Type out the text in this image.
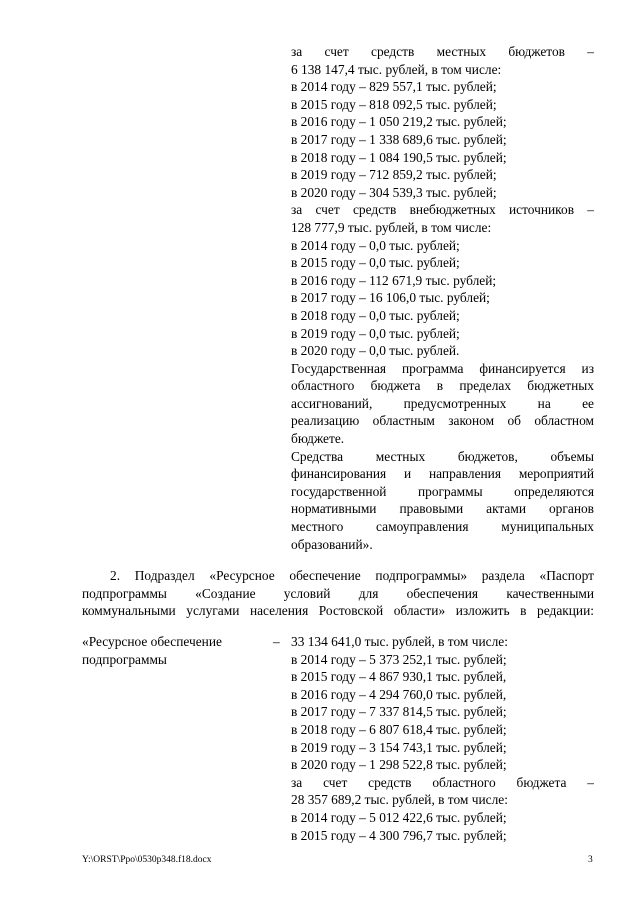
за счет средств местных бюджетов –
6 138 147,4 тыс. рублей, в том числе:
в 2014 году – 829 557,1 тыс. рублей;
в 2015 году – 818 092,5 тыс. рублей;
в 2016 году – 1 050 219,2 тыс. рублей;
в 2017 году – 1 338 689,6 тыс. рублей;
в 2018 году – 1 084 190,5 тыс. рублей;
в 2019 году – 712 859,2 тыс. рублей;
в 2020 году – 304 539,3 тыс. рублей;
за счет средств внебюджетных источников –
128 777,9 тыс. рублей, в том числе:
в 2014 году – 0,0 тыс. рублей;
в 2015 году – 0,0 тыс. рублей;
в 2016 году – 112 671,9 тыс. рублей;
в 2017 году – 16 106,0 тыс. рублей;
в 2018 году – 0,0 тыс. рублей;
в 2019 году – 0,0 тыс. рублей;
в 2020 году – 0,0 тыс. рублей.
Государственная программа финансируется из
областного бюджета в пределах бюджетных
ассигнований, предусмотренных на ее
реализацию областным законом об областном
бюджете.
Средства местных бюджетов, объемы
финансирования и направления мероприятий
государственной программы определяются
нормативными правовыми актами органов
местного самоуправления муниципальных
образований».
2. Подраздел «Ресурсное обеспечение подпрограммы» раздела «Паспорт
подпрограммы «Создание условий для обеспечения качественными
коммунальными услугами населения Ростовской области» изложить в редакции:
«Ресурсное обеспечение
подпрограммы
– 33 134 641,0 тыс. рублей, в том числе:
в 2014 году – 5 373 252,1 тыс. рублей;
в 2015 году – 4 867 930,1 тыс. рублей,
в 2016 году – 4 294 760,0 тыс. рублей,
в 2017 году – 7 337 814,5 тыс. рублей;
в 2018 году – 6 807 618,4 тыс. рублей;
в 2019 году – 3 154 743,1 тыс. рублей;
в 2020 году – 1 298 522,8 тыс. рублей;
за счет средств областного бюджета –
28 357 689,2 тыс. рублей, в том числе:
в 2014 году – 5 012 422,6 тыс. рублей;
в 2015 году – 4 300 796,7 тыс. рублей;
Y:\ORST\Ppo\0530p348.f18.docx	3
